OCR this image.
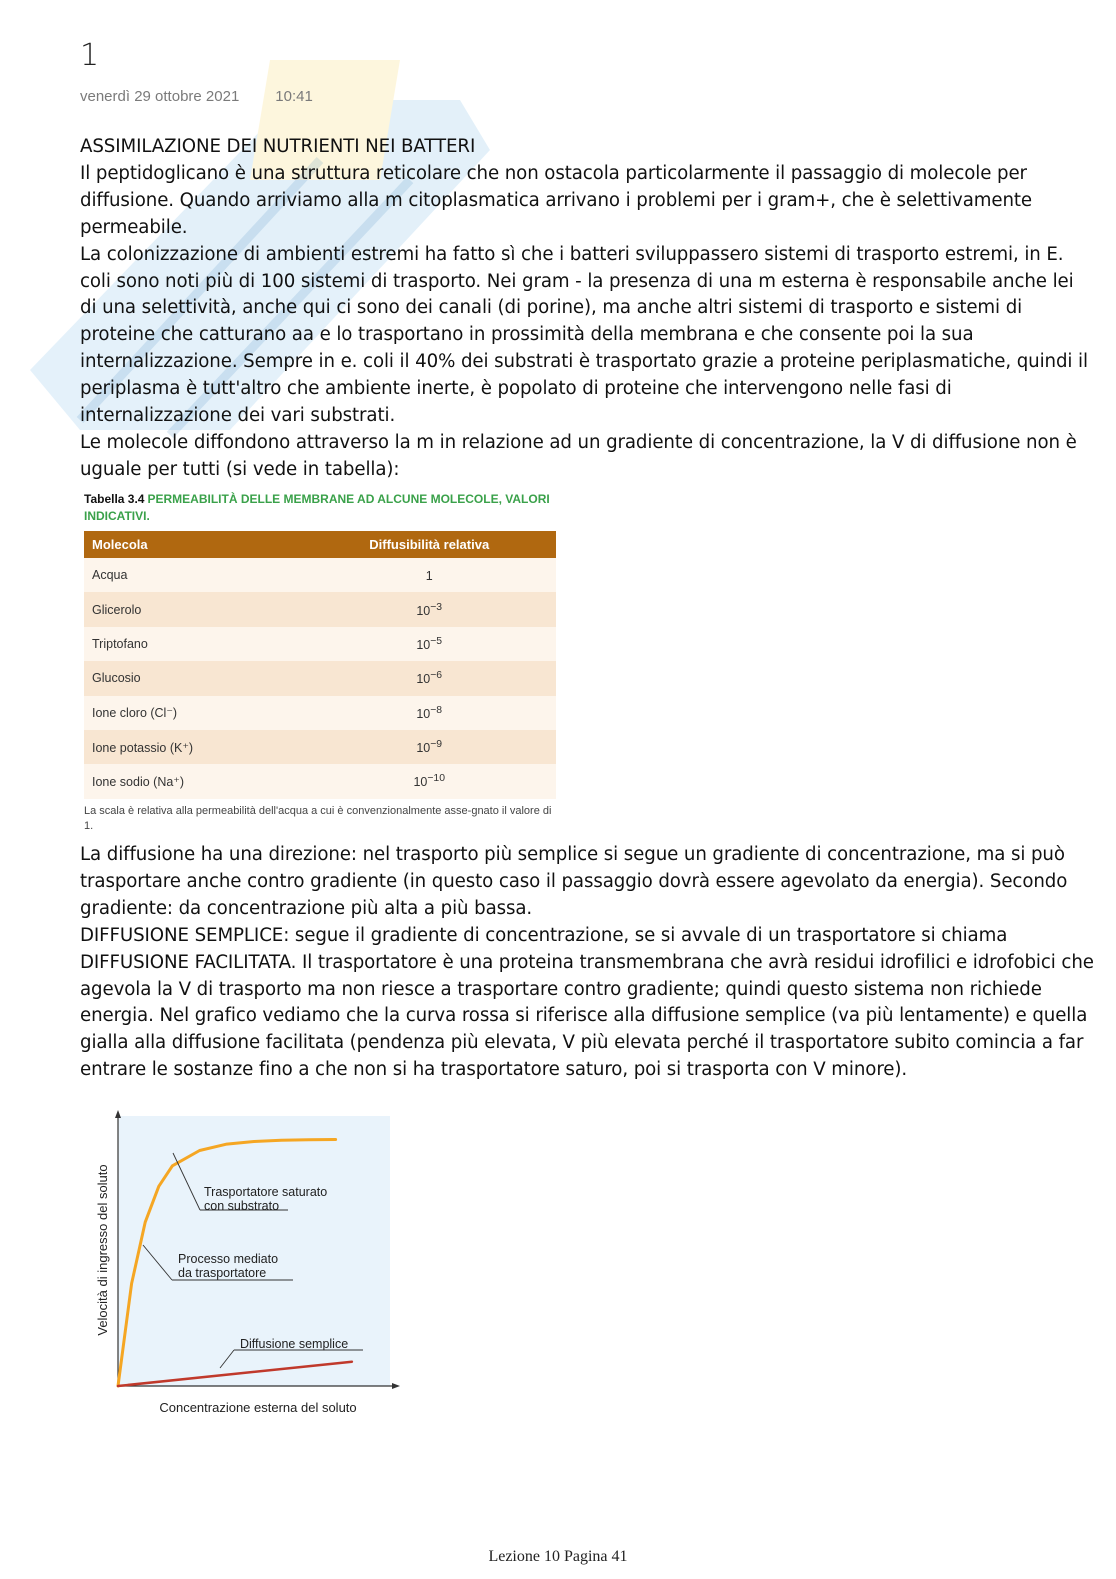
1
venerdì 29 ottobre 2021 10:41

ASSIMILAZIONE DEI NUTRIENTI NEI BATTERI

Il peptidoglicano è una struttura reticolare che non ostacola particolarmente il passaggio di molecole per diffusione. Quando arriviamo alla m citoplasmatica arrivano i problemi per i gram+, che è selettivamente permeabile.

La colonizzazione di ambienti estremi ha fatto sì che i batteri sviluppassero sistemi di trasporto estremi, in E. coli sono noti più di 100 sistemi di trasporto. Nei gram - la presenza di una m esterna è responsabile anche lei di una selettività, anche qui ci sono dei canali (di porine), ma anche altri sistemi di trasporto e sistemi di proteine che catturano aa e lo trasportano in prossimità della membrana e che consente poi la sua internalizzazione. Sempre in e. coli il 40% dei substrati è trasportato grazie a proteine periplasmatiche, quindi il periplasma è tutt'altro che ambiente inerte, è popolato di proteine che intervengono nelle fasi di internalizzazione dei vari substrati.

Le molecole diffondono attraverso la m in relazione ad un gradiente di concentrazione, la V di diffusione non è uguale per tutti (si vede in tabella):

Tabella 3.4 PERMEABILITÀ DELLE MEMBRANE AD ALCUNE MOLECOLE, VALORI INDICATIVI.
Molecola	Diffusibilità relativa
Acqua	1
Glicerolo	$10^{-3}$
Triptofano	$10^{-5}$
Glucosio	$10^{-6}$
Ione cloro (Cl⁻)	$10^{-8}$
Ione potassio (K⁺)	$10^{-9}$
Ione sodio (Na⁺)	$10^{-10}$
La scala è relativa alla permeabilità dell'acqua a cui è convenzionalmente asse-gnato il valore di 1.

La diffusione ha una direzione: nel trasporto più semplice si segue un gradiente di concentrazione, ma si può trasportare anche contro gradiente (in questo caso il passaggio dovrà essere agevolato da energia). Secondo gradiente: da concentrazione più alta a più bassa.

DIFFUSIONE SEMPLICE: segue il gradiente di concentrazione, se si avvale di un trasportatore si chiama DIFFUSIONE FACILITATA. Il trasportatore è una proteina transmembrana che avrà residui idrofilici e idrofobici che agevola la V di trasporto ma non riesce a trasportare contro gradiente; quindi questo sistema non richiede energia. Nel grafico vediamo che la curva rossa si riferisce alla diffusione semplice (va più lentamente) e quella gialla alla diffusione facilitata (pendenza più elevata, V più elevata perché il trasportatore subito comincia a far entrare le sostanze fino a che non si ha trasportatore saturo, poi si trasporta con V minore).

Trasportatore saturato
con substrato
Processo mediato
da trasportatore
Diffusione semplice
Concentrazione esterna del soluto
Velocità di ingresso del soluto
Lezione 10 Pagina 41
